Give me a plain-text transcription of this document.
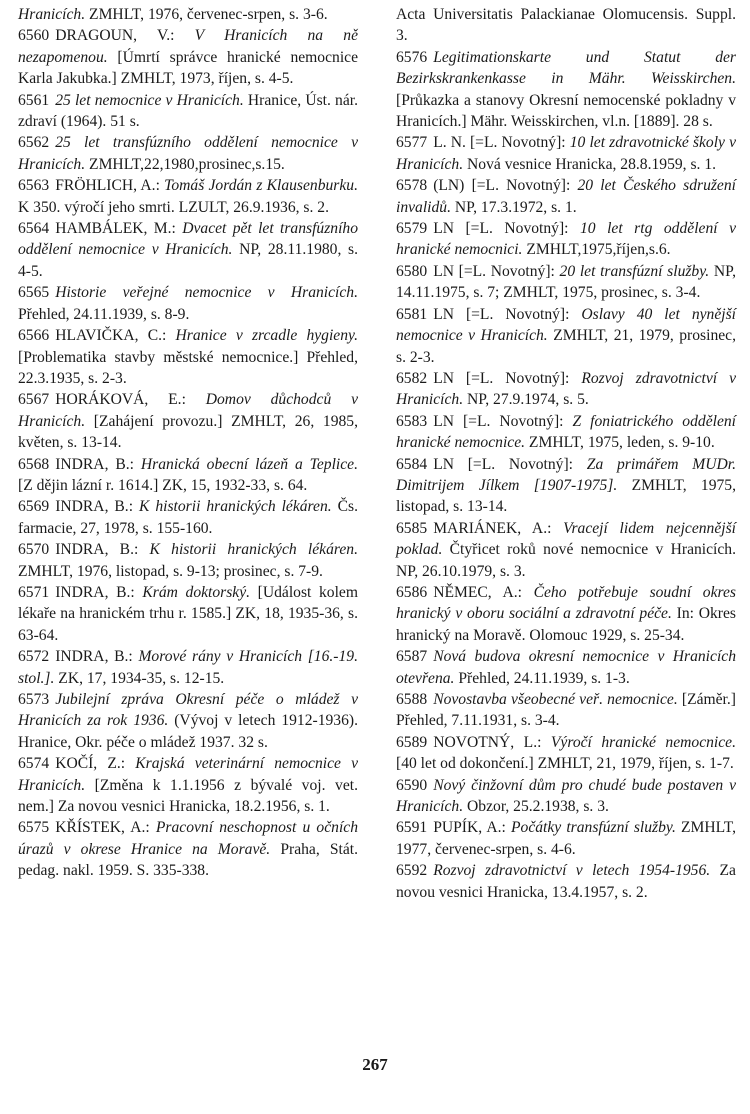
Hranicích. ZMHLT, 1976, červenec-srpen, s. 3-6.

6560 DRAGOUN, V.: V Hranicích na ně nezapomenou. [Úmrtí správce hranické nemocnice Karla Jakubka.] ZMHLT, 1973, říjen, s. 4-5.

6561 25 let nemocnice v Hranicích. Hranice, Úst. nár. zdraví (1964). 51 s.

6562 25 let transfúzního oddělení nemocnice v Hranicích. ZMHLT,22,1980,prosinec,s.15.

6563 FRÖHLICH, A.: Tomáš Jordán z Klausenburku. K 350. výročí jeho smrti. LZULT, 26.9.1936, s. 2.

6564 HAMBÁLEK, M.: Dvacet pět let transfúzního oddělení nemocnice v Hranicích. NP, 28.11.1980, s. 4-5.

6565 Historie veřejné nemocnice v Hranicích. Přehled, 24.11.1939, s. 8-9.

6566 HLAVIČKA, C.: Hranice v zrcadle hygieny. [Problematika stavby městské nemocnice.] Přehled, 22.3.1935, s. 2-3.

6567 HORÁKOVÁ, E.: Domov důchodců v Hranicích. [Zahájení provozu.] ZMHLT, 26, 1985, květen, s. 13-14.

6568 INDRA, B.: Hranická obecní lázeň a Teplice. [Z dějin lázní r. 1614.] ZK, 15, 1932-33, s. 64.

6569 INDRA, B.: K historii hranických lékáren. Čs. farmacie, 27, 1978, s. 155-160.

6570 INDRA, B.: K historii hranických lékáren. ZMHLT, 1976, listopad, s. 9-13; prosinec, s. 7-9.

6571 INDRA, B.: Krám doktorský. [Událost kolem lékaře na hranickém trhu r. 1585.] ZK, 18, 1935-36, s. 63-64.

6572 INDRA, B.: Morové rány v Hranicích [16.-19. stol.]. ZK, 17, 1934-35, s. 12-15.

6573 Jubilejní zpráva Okresní péče o mládež v Hranicích za rok 1936. (Vývoj v letech 1912-1936). Hranice, Okr. péče o mládež 1937. 32 s.

6574 KOČÍ, Z.: Krajská veterinární nemocnice v Hranicích. [Změna k 1.1.1956 z bývalé voj. vet. nem.] Za novou vesnici Hranicka, 18.2.1956, s. 1.

6575 KŘÍSTEK, A.: Pracovní neschopnost u očních úrazů v okrese Hranice na Moravě. Praha, Stát. pedag. nakl. 1959. S. 335-338.

Acta Universitatis Palackianae Olomucensis. Suppl. 3.

6576 Legitimationskarte und Statut der Bezirkskrankenkasse in Mähr. Weisskirchen. [Průkazka a stanovy Okresní nemocenské pokladny v Hranicích.] Mähr. Weisskirchen, vl.n. [1889]. 28 s.

6577 L. N. [=L. Novotný]: 10 let zdravotnické školy v Hranicích. Nová vesnice Hranicka, 28.8.1959, s. 1.

6578 (LN) [=L. Novotný]: 20 let Českého sdružení invalidů. NP, 17.3.1972, s. 1.

6579 LN [=L. Novotný]: 10 let rtg oddělení v hranické nemocnici. ZMHLT,1975,říjen,s.6.

6580 LN [=L. Novotný]: 20 let transfúzní služby. NP, 14.11.1975, s. 7; ZMHLT, 1975, prosinec, s. 3-4.

6581 LN [=L. Novotný]: Oslavy 40 let nynější nemocnice v Hranicích. ZMHLT, 21, 1979, prosinec, s. 2-3.

6582 LN [=L. Novotný]: Rozvoj zdravotnictví v Hranicích. NP, 27.9.1974, s. 5.

6583 LN [=L. Novotný]: Z foniatrického oddělení hranické nemocnice. ZMHLT, 1975, leden, s. 9-10.

6584 LN [=L. Novotný]: Za primářem MUDr. Dimitrijem Jílkem [1907-1975]. ZMHLT, 1975, listopad, s. 13-14.

6585 MARIÁNEK, A.: Vracejí lidem nejcennější poklad. Čtyřicet roků nové nemocnice v Hranicích. NP, 26.10.1979, s. 3.

6586 NĚMEC, A.: Čeho potřebuje soudní okres hranický v oboru sociální a zdravotní péče. In: Okres hranický na Moravě. Olomouc 1929, s. 25-34.

6587 Nová budova okresní nemocnice v Hranicích otevřena. Přehled, 24.11.1939, s. 1-3.

6588 Novostavba všeobecné veř. nemocnice. [Záměr.] Přehled, 7.11.1931, s. 3-4.

6589 NOVOTNÝ, L.: Výročí hranické nemocnice. [40 let od dokončení.] ZMHLT, 21, 1979, říjen, s. 1-7.

6590 Nový činžovní dům pro chudé bude postaven v Hranicích. Obzor, 25.2.1938, s. 3.

6591 PUPÍK, A.: Počátky transfúzní služby. ZMHLT, 1977, červenec-srpen, s. 4-6.

6592 Rozvoj zdravotnictví v letech 1954-1956. Za novou vesnici Hranicka, 13.4.1957, s. 2.

267
